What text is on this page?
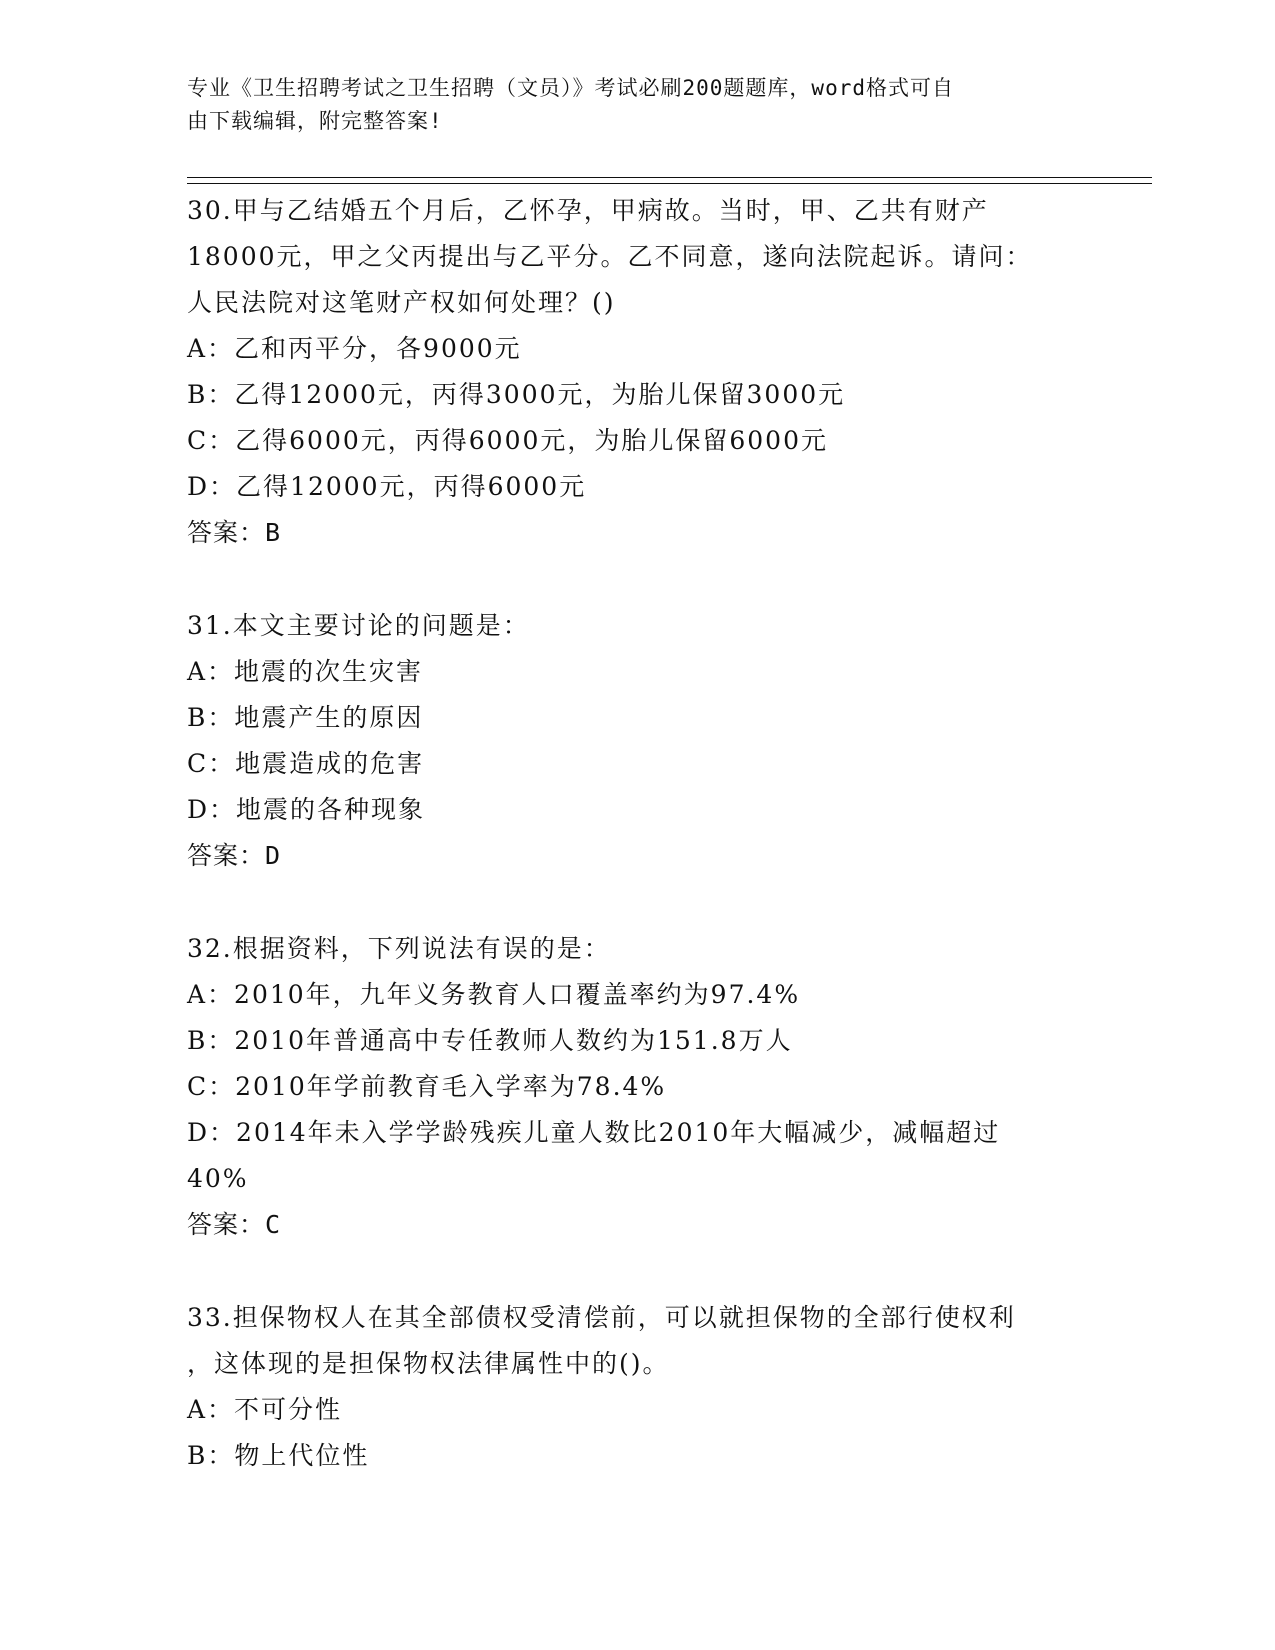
专业《卫生招聘考试之卫生招聘（文员）》考试必刷200题题库，word格式可自
由下载编辑，附完整答案!
30.甲与乙结婚五个月后，乙怀孕，甲病故。当时，甲、乙共有财产
18000元，甲之父丙提出与乙平分。乙不同意，遂向法院起诉。请问：
人民法院对这笔财产权如何处理？()
A：乙和丙平分，各9000元
B：乙得12000元，丙得3000元，为胎儿保留3000元
C：乙得6000元，丙得6000元，为胎儿保留6000元
D：乙得12000元，丙得6000元
答案：B
31.本文主要讨论的问题是：
A：地震的次生灾害
B：地震产生的原因
C：地震造成的危害
D：地震的各种现象
答案：D
32.根据资料，下列说法有误的是：
A：2010年，九年义务教育人口覆盖率约为97.4%
B：2010年普通高中专任教师人数约为151.8万人
C：2010年学前教育毛入学率为78.4%
D：2014年未入学学龄残疾儿童人数比2010年大幅减少，减幅超过
40%
答案：C
33.担保物权人在其全部债权受清偿前，可以就担保物的全部行使权利
，这体现的是担保物权法律属性中的()。
A：不可分性
B：物上代位性
